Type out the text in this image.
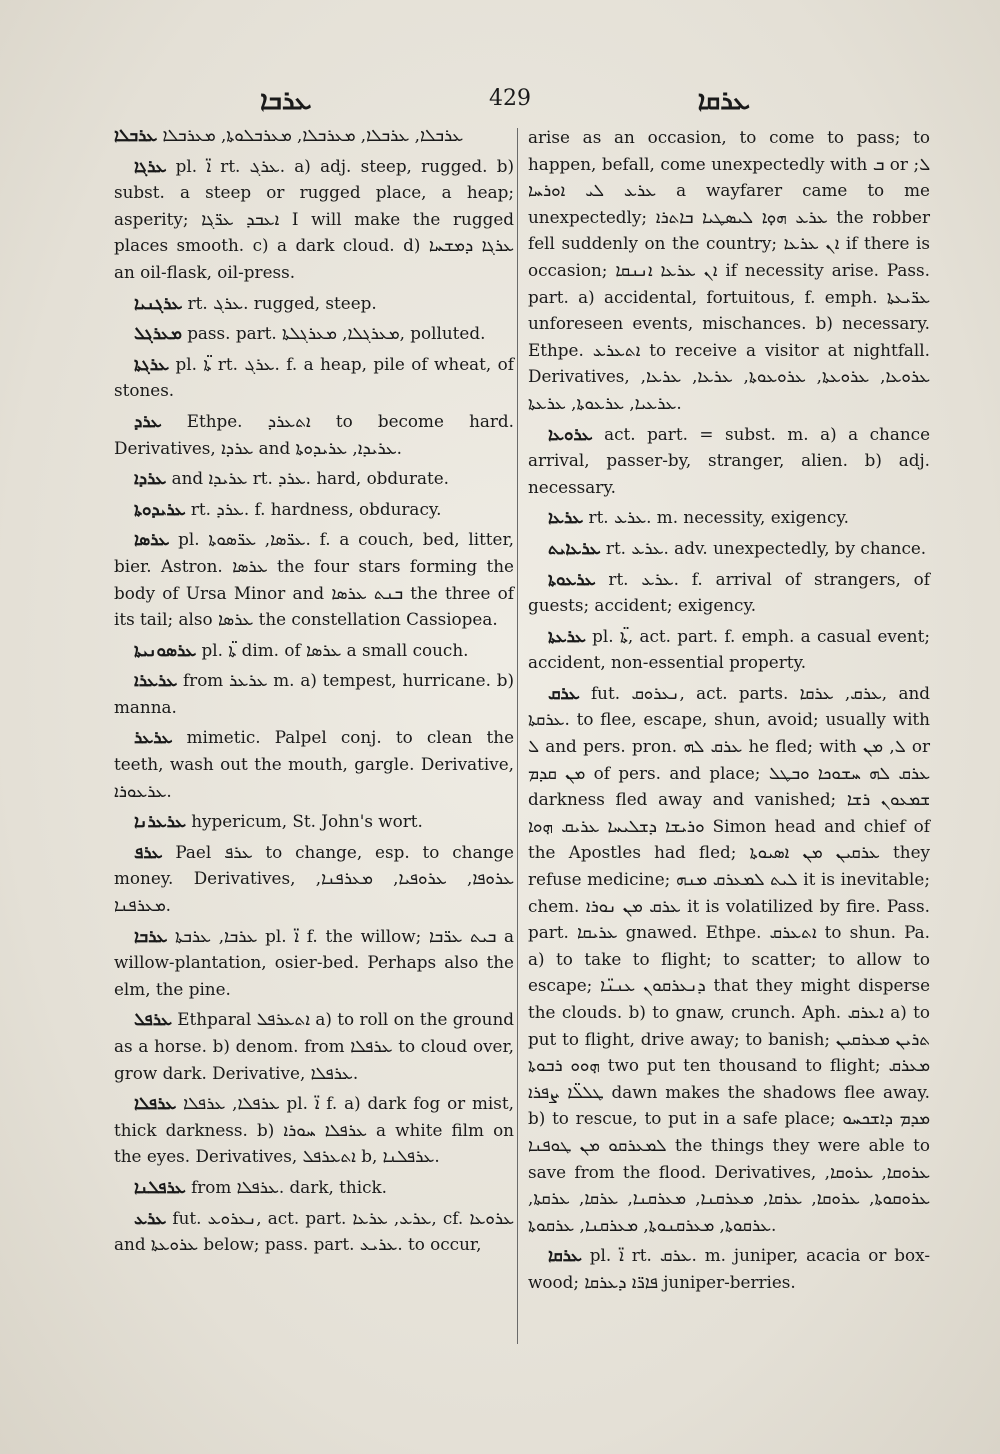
ܥܪܒܐ	429	ܥܪܩܐ

ܥܪܒܠܐ ܥܪܒܠܐ, ܥܪܒܠܐ, ܡܥܪܒܠܐ, ܡܥܪܒܠܘܬܐ, ܡܥܪܒܠܐ

ܥܪܓܐ pl. ܐ̈ rt. ܥܪܓ. a) adj. steep, rugged. b) subst. a steep or rugged place, a heap; asperity; ܐܥܒܕ ܥܪ̈ܓܐ I will make the rugged places smooth. c) a dark cloud. d) ܥܪܓܐ ܕܡܫܚܐ an oil-flask, oil-press.

ܥܪܓܢܝܐ rt. ܥܪܓ. rugged, steep.

ܡܥܪܓܠ pass. part. ܡܥܪܓܠܐ, ܡܥܪܓܠܬܐ, polluted.

ܥܪܓܬܐ pl. ܬ̈ܐ rt. ܥܪܓ. f. a heap, pile of wheat, of stones.

ܥܪܕ Ethpe. ܐܬܥܪܕ to become hard. Derivatives, ܥܪܕܐ and ܥܪܝܕܐ, ܥܪܝܕܘܬܐ.

ܥܪܕܐ and ܥܪܝܕܐ rt. ܥܪܕ. hard, obdurate.

ܥܪܝܕܘܬܐ rt. ܥܪܕ. f. hardness, obduracy.

ܥܪܣܐ pl. ܥܪ̈ܣܐ, ܥܪ̈ܣܘܬܐ. f. a couch, bed, litter, bier. Astron. ܥܪܣܐ the four stars forming the body of Ursa Minor and ܒܢܬ ܥܪܣܐ the three of its tail; also ܥܪܣܐ the constellation Cassiopea.

ܥܪܣܘܢܝܬܐ pl. ܬ̈ܐ dim. of ܥܪܣܐ a small couch.

ܥܪܥܪܐ from ܥܪܥܪ m. a) tempest, hurricane. b) manna.

ܥܪܥܪ mimetic. Palpel conj. to clean the teeth, wash out the mouth, gargle. Derivative, ܥܪܥܘܪܐ.

ܥܪܥܪܢܐ hypericum, St. John's wort.

ܥܪܦ Pael ܥܪܦ to change, esp. to change money. Derivatives, ܥܪܘܦܐ, ܥܪܘܦܝܐ, ܡܥܪܦܢܐ, ܡܥܪܦܢܐ.

ܥܪܒܐ ܥܪܒܐ, ܥܪܒܬܐ pl. ܐ̈ f. the willow; ܒܝܬ ܥܪ̈ܒܐ a willow-plantation, osier-bed. Perhaps also the elm, the pine.

ܥܪܦܠ Ethparal ܐܬܥܪܦܠ a) to roll on the ground as a horse. b) denom. from ܥܪܦܠܐ to cloud over, grow dark. Derivative, ܥܪܦܠܐ.

ܥܪܦܠܐ ܥܪܦܠܐ, ܥܪܦܠܐ pl. ܐ̈ f. a) dark fog or mist, thick darkness. b) ܥܪܦܠܐ ܚܘܪܐ a white film on the eyes. Derivatives, ܐܬܥܪܦܠ b, ܥܪܦܠܢܐ.

ܥܪܦܠܢܐ from ܥܪܦܠܐ. dark, thick.

ܥܪܥ fut. ܢܥܪܘܥ, act. part. ܥܪܥ, ܥܪܥܐ, cf. ܥܪܘܥܐ and ܥܪܘܥܬܐ below; pass. part. ܥܪܝܥ. to occur,

arise as an occasion, to come to pass; to happen, befall, come unexpectedly with ܒ or ܠ; ܥܪܥ ܠܝ ܐܘܪܚܐ a wayfarer came to me unexpectedly; ܥܪܥ ܗܘ̣ܐ ܠܝܣܛܝܐ ܒܐܬܪܐ the robber fell suddenly on the country; ܐܢ ܥܪܥܐ if there is occasion; ܐܢ ܥܪܥܐ ܐܢܢܩܐ if necessity arise. Pass. part. a) accidental, fortuitous, f. emph. ܥܪ̈ܝܥܬܐ unforeseen events, mischances. b) necessary. Ethpe. ܐܬܥܪܥ to receive a visitor at nightfall. Derivatives, ܥܪܘܥܐ, ܥܪܘܥܬܐ, ܥܪܘܥܘܬܐ, ܥܪܥܐ, ܥܪܥܐ, ܥܪܥܝܐ, ܥܪܥܘܬܐ, ܥܪܥܬܐ.

ܥܪܘܥܐ act. part. = subst. m. a) a chance arrival, passer-by, stranger, alien. b) adj. necessary.

ܥܪܥܐ rt. ܥܪܥ. m. necessity, exigency.

ܥܪܥܐܝܬ rt. ܥܪܥ. adv. unexpectedly, by chance.

ܥܪܥܘܬܐ rt. ܥܪܥ. f. arrival of strangers, of guests; accident; exigency.

ܥܪܥܬܐ pl. ܬ̈ܐ, act. part. f. emph. a casual event; accident, non-essential property.

ܥܪܩ fut. ܢܥܪܘܩ, act. parts. ܥܪܩ, ܥܪܩܐ, and ܥܪܩܬܐ. to flee, escape, shun, avoid; usually with ܠ and pers. pron. ܥܪܩ ܠܗ he fled; with ܠ, ܡܢ or ܡܢ ܩܕܡ of pers. and place; ܥܪܩ ܠܗ ܚܫܘܟܐ ܘܒܛܠ darkness fled away and vanished; ܫܡܥܘܢ ܪܫܐ ܘܪܝܫܐ ܕܫܠܝܚܐ ܥܪܝܩ ܗ̣ܘܐ Simon head and chief of the Apostles had fled; ܥܪܩܝܢ ܡܢ ܐܣܝܘܬܐ they refuse medicine; ܠܝܬ ܠܡܥܪܩ ܡܢܗ it is inevitable; chem. ܥܪܩ ܡܢ ܢܘܪܐ it is volatilized by fire. Pass. part. ܥܪܝܩܐ gnawed. Ethpe. ܐܬܥܪܩ to shun. Pa. a) to take to flight; to scatter; to allow to escape; ܕܢܥܪܩܘܢ ܥܢܢ̈ܐ that they might disperse the clouds. b) to gnaw, crunch. Aph. ܐܥܪܩ a) to put to flight, drive away; to banish; ܬܪܝܢ ܡܥܪܩܝܢ ܗ̣ܘܘ ܪܒܘܬܐ two put ten thousand to flight; ܡܥܪܩ ܛܠܠ̈ܐ ܨܦܪܐ dawn makes the shadows flee away. b) to rescue, to put in a safe place; ܡܕܡ ܕܐܫܟܚܘ ܠܡܥܪܩܘ ܡܢ ܛܘܦܢܐ the things they were able to save from the flood. Derivatives, ܥܪܘܩܐ, ܥܪܘܩܐ, ܥܪܘܩܘܬܐ, ܥܪܘܩܐ, ܥܪܩܐ, ܡܥܪܩܢܐ, ܡܥܪܩܢܐ, ܥܪܩܐ, ܥܪܩܬܐ, ܥܪܩܘܬܐ, ܡܥܪܩܢܘܬܐ, ܡܥܪܩܢܐ, ܥܪܩܘܬܐ.

ܥܪܩܐ pl. ܐ̈ rt. ܥܪܩ. m. juniper, acacia or box-wood; ܦܐܪ̈ܐ ܕܥܪܩܐ juniper-berries.
